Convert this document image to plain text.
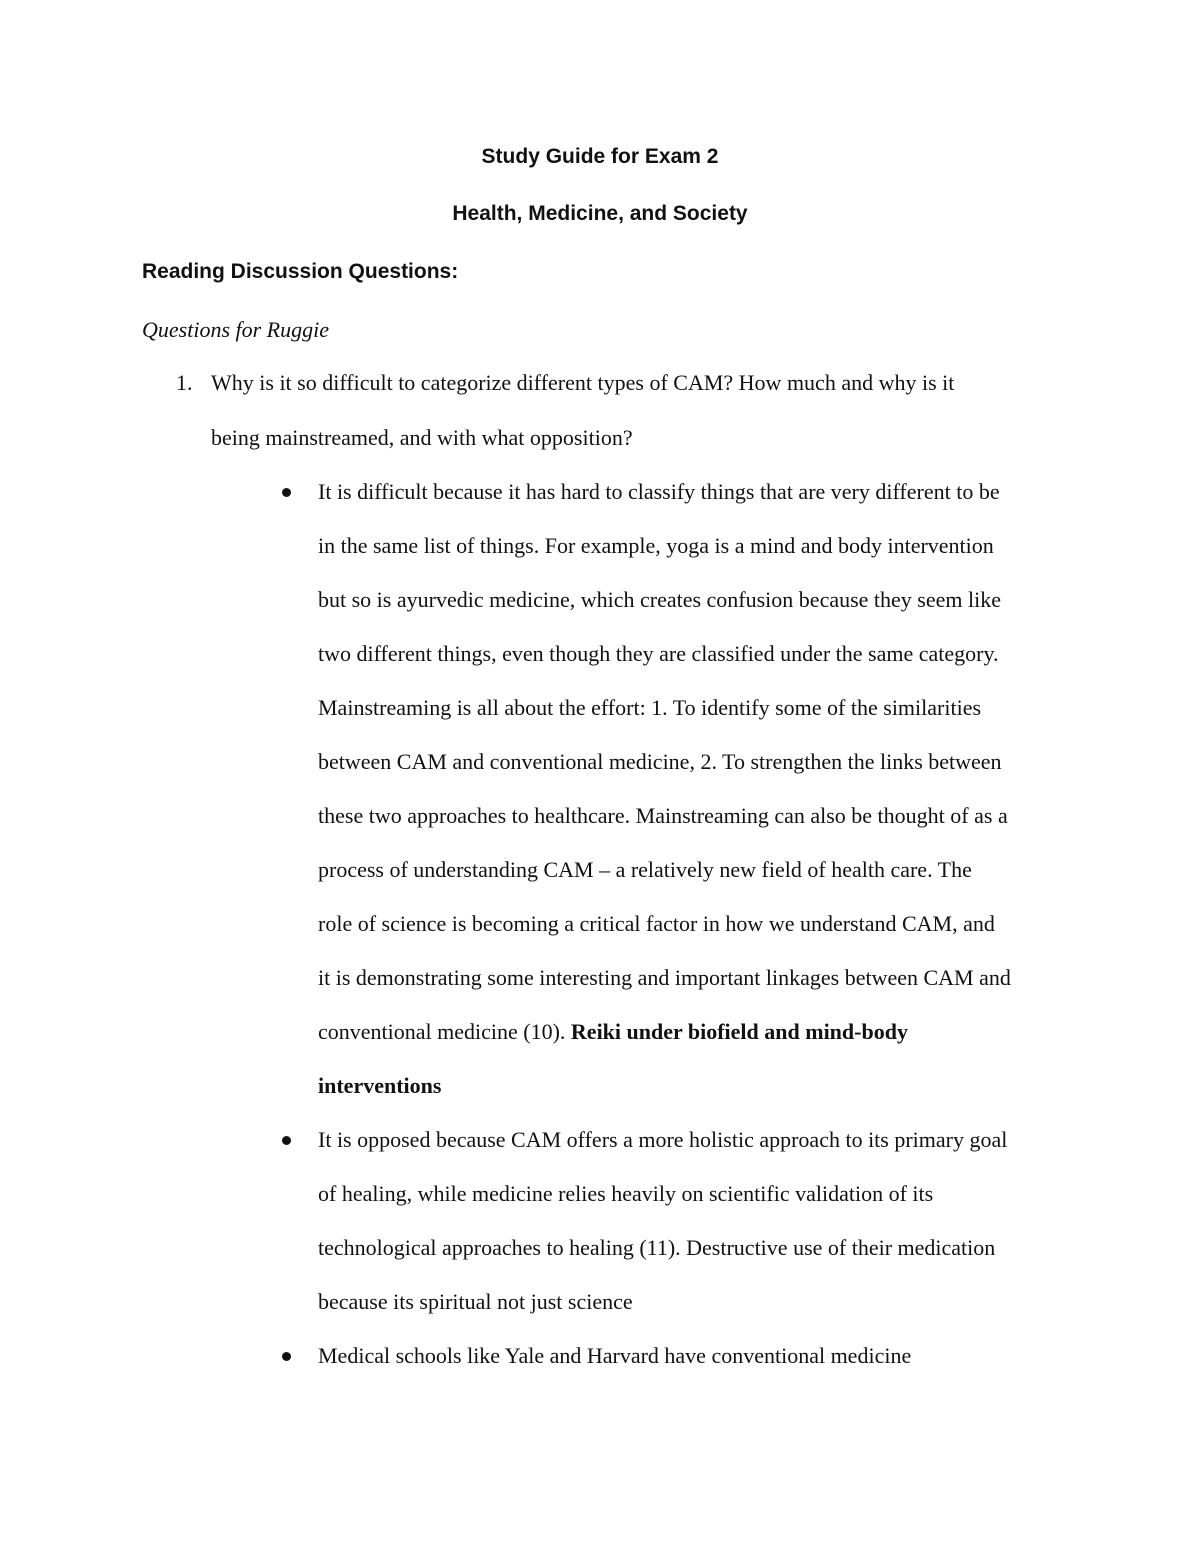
Study Guide for Exam 2
Health, Medicine, and Society
Reading Discussion Questions:
Questions for Ruggie
1. Why is it so difficult to categorize different types of CAM? How much and why is it
being mainstreamed, and with what opposition?
It is difficult because it has hard to classify things that are very different to be
in the same list of things. For example, yoga is a mind and body intervention
but so is ayurvedic medicine, which creates confusion because they seem like
two different things, even though they are classified under the same category.
Mainstreaming is all about the effort: 1. To identify some of the similarities
between CAM and conventional medicine, 2. To strengthen the links between
these two approaches to healthcare. Mainstreaming can also be thought of as a
process of understanding CAM – a relatively new field of health care. The
role of science is becoming a critical factor in how we understand CAM, and
it is demonstrating some interesting and important linkages between CAM and
conventional medicine (10). Reiki under biofield and mind-body
interventions
It is opposed because CAM offers a more holistic approach to its primary goal
of healing, while medicine relies heavily on scientific validation of its
technological approaches to healing (11). Destructive use of their medication
because its spiritual not just science
Medical schools like Yale and Harvard have conventional medicine
